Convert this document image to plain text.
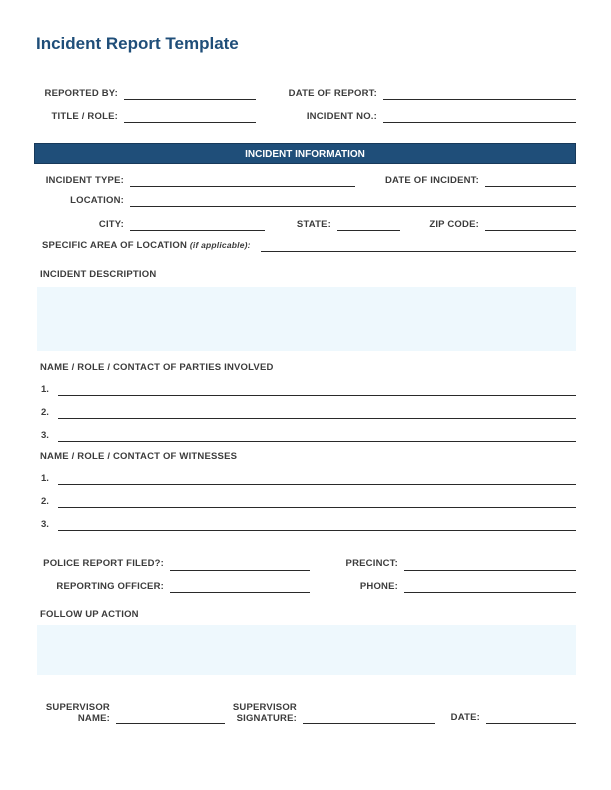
Incident Report Template
REPORTED BY:	DATE OF REPORT:
TITLE / ROLE:	INCIDENT NO.:
INCIDENT INFORMATION
INCIDENT TYPE:	DATE OF INCIDENT:
LOCATION:
CITY:	STATE:	ZIP CODE:
SPECIFIC AREA OF LOCATION (if applicable):
INCIDENT DESCRIPTION
NAME / ROLE / CONTACT OF PARTIES INVOLVED
1.
2.
3.
NAME / ROLE / CONTACT OF WITNESSES
1.
2.
3.
POLICE REPORT FILED?:	PRECINCT:
REPORTING OFFICER:	PHONE:
FOLLOW UP ACTION
SUPERVISOR
NAME:
SUPERVISOR
SIGNATURE:	DATE:
